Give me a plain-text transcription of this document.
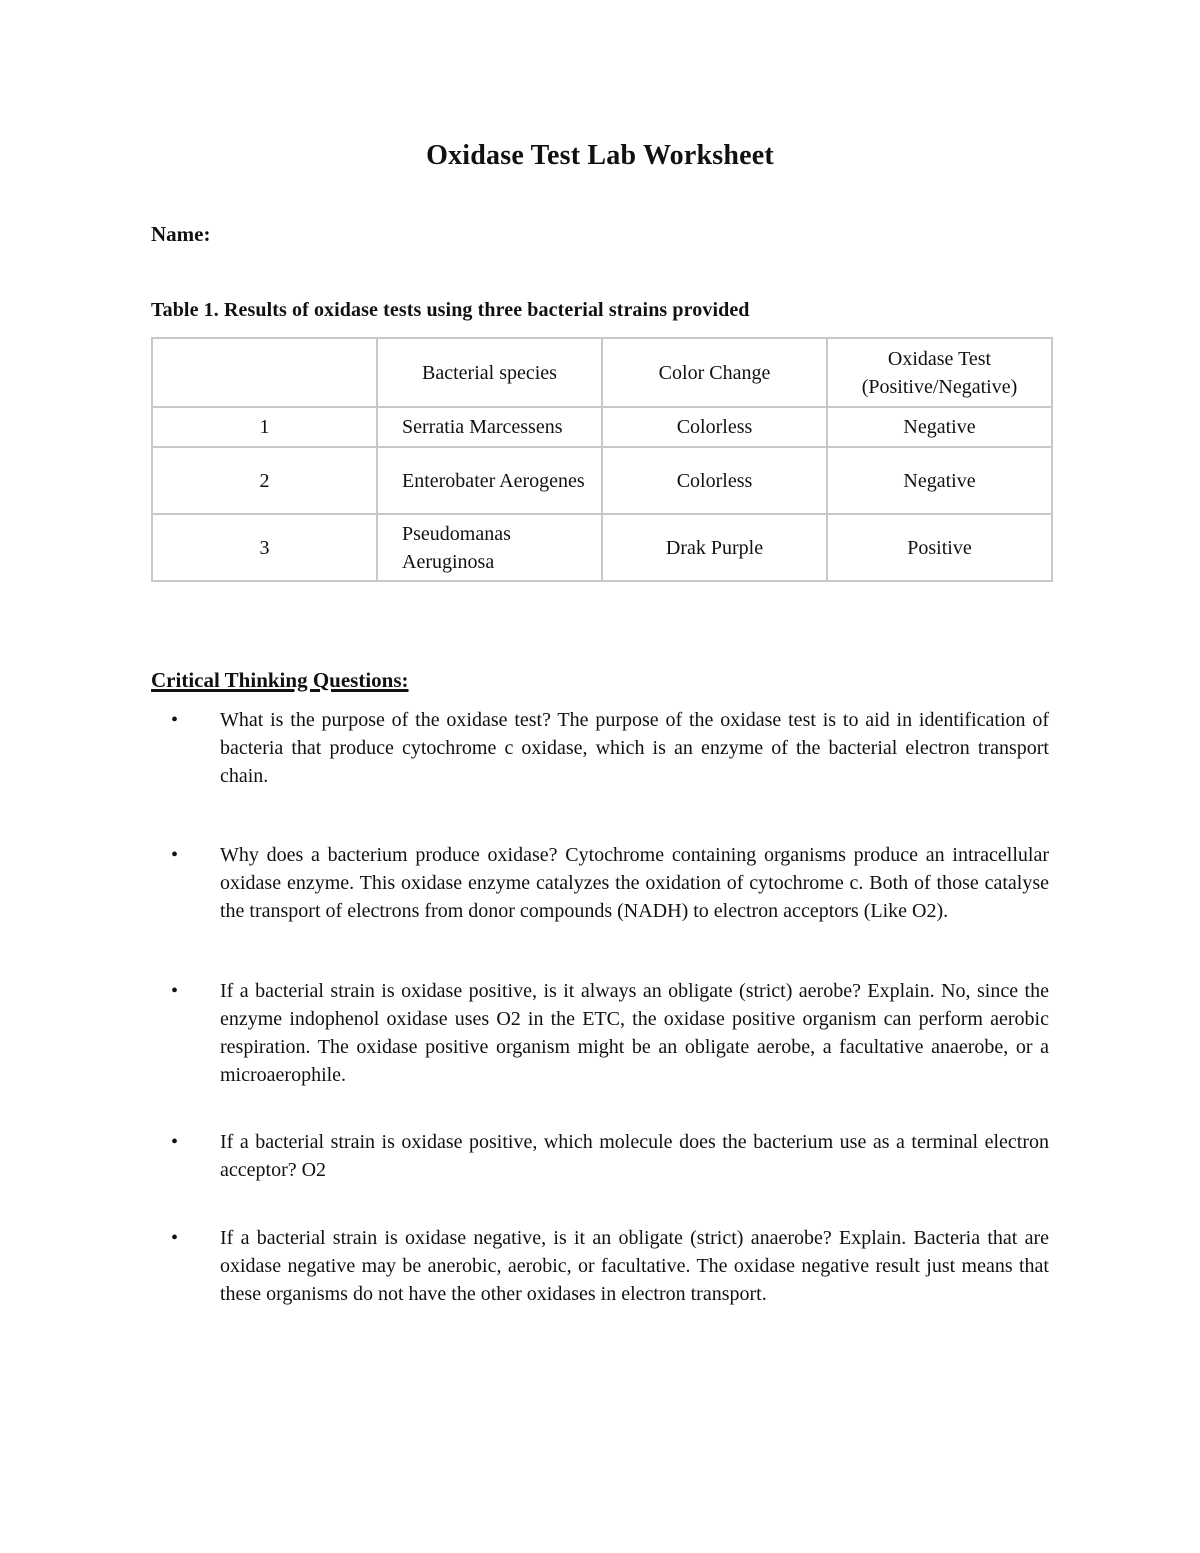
Oxidase Test Lab Worksheet
Name:
Table 1. Results of oxidase tests using three bacterial strains provided
	Bacterial species	Color Change	Oxidase Test (Positive/Negative)
1	Serratia Marcessens	Colorless	Negative
2	Enterobater Aerogenes	Colorless	Negative
3	Pseudomanas Aeruginosa	Drak Purple	Positive
Critical Thinking Questions:
• What is the purpose of the oxidase test? The purpose of the oxidase test is to aid in identification of bacteria that produce cytochrome c oxidase, which is an enzyme of the bacterial electron transport chain.
• Why does a bacterium produce oxidase? Cytochrome containing organisms produce an intracellular oxidase enzyme. This oxidase enzyme catalyzes the oxidation of cytochrome c. Both of those catalyse the transport of electrons from donor compounds (NADH) to electron acceptors (Like O2).
• If a bacterial strain is oxidase positive, is it always an obligate (strict) aerobe? Explain. No, since the enzyme indophenol oxidase uses O2 in the ETC, the oxidase positive organism can perform aerobic respiration. The oxidase positive organism might be an obligate aerobe, a facultative anaerobe, or a microaerophile.
• If a bacterial strain is oxidase positive, which molecule does the bacterium use as a terminal electron acceptor? O2
• If a bacterial strain is oxidase negative, is it an obligate (strict) anaerobe? Explain. Bacteria that are oxidase negative may be anerobic, aerobic, or facultative. The oxidase negative result just means that these organisms do not have the other oxidases in electron transport.
